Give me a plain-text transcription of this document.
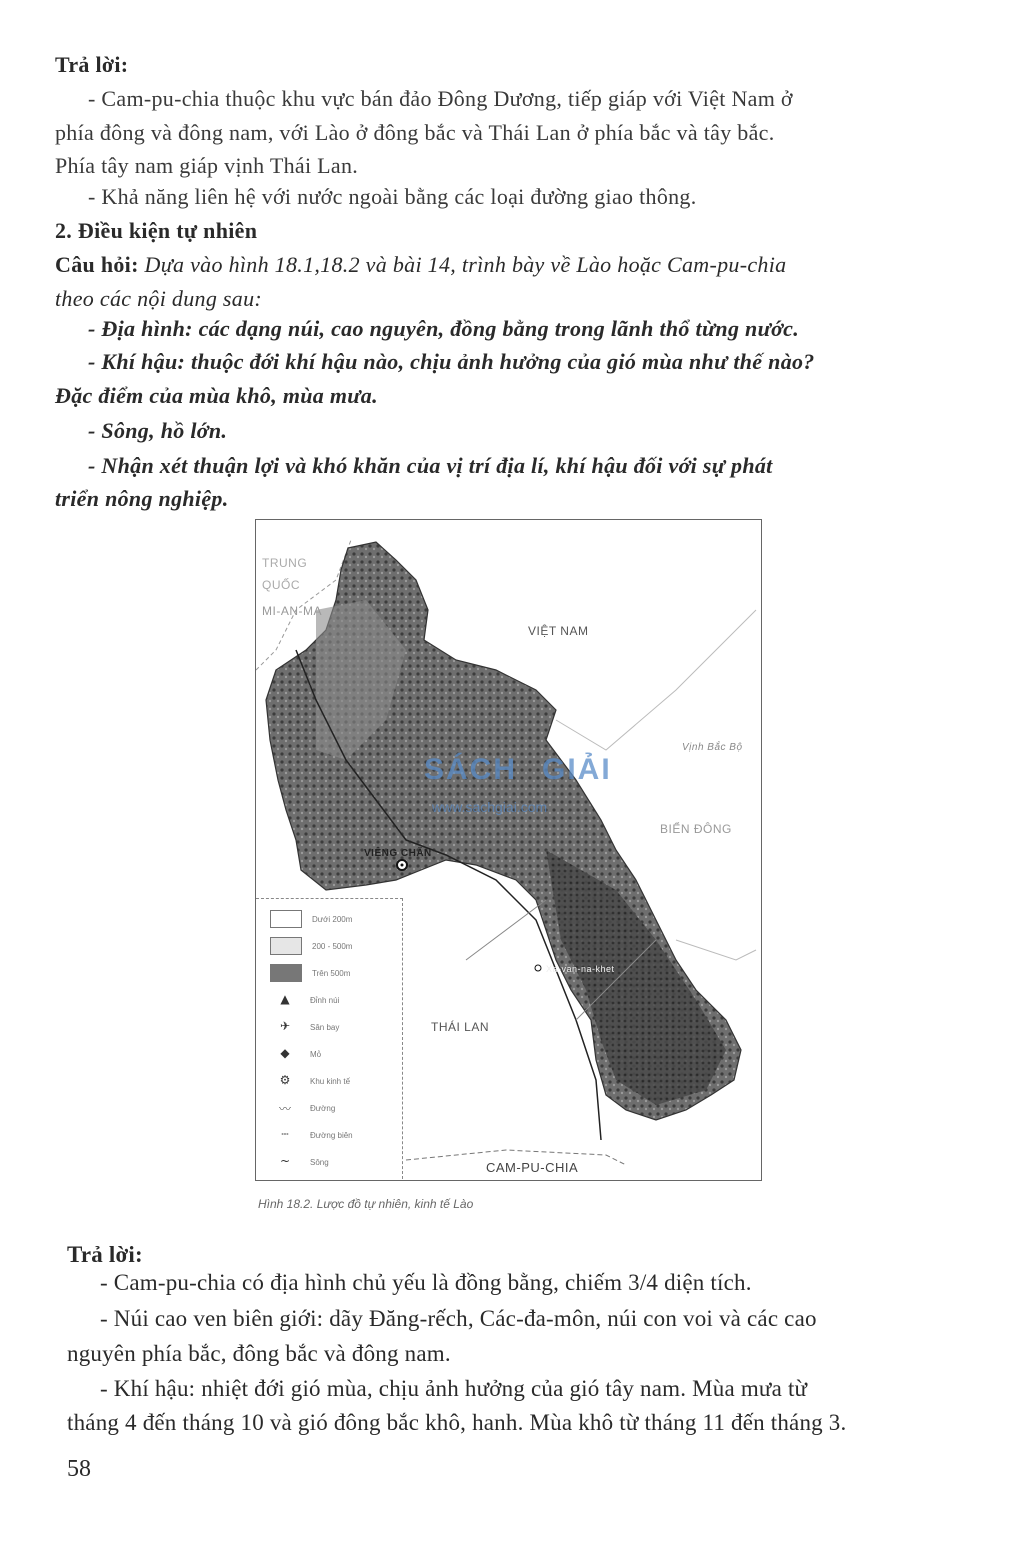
Trả lời:

- Cam-pu-chia thuộc khu vực bán đảo Đông Dương, tiếp giáp với Việt Nam ở

phía đông và đông nam, với Lào ở đông bắc và Thái Lan ở phía bắc và tây bắc.

Phía tây nam giáp vịnh Thái Lan.

- Khả năng liên hệ với nước ngoài bằng các loại đường giao thông.

2. Điều kiện tự nhiên

Câu hỏi: Dựa vào hình 18.1,18.2 và bài 14, trình bày về Lào hoặc Cam-pu-chia

theo các nội dung sau:

- Địa hình: các dạng núi, cao nguyên, đồng bằng trong lãnh thổ từng nước.

- Khí hậu: thuộc đới khí hậu nào, chịu ảnh hưởng của gió mùa như thế nào?

Đặc điểm của mùa khô, mùa mưa.

- Sông, hồ lớn.

- Nhận xét thuận lợi và khó khăn của vị trí địa lí, khí hậu đối với sự phát

triển nông nghiệp.

TRUNG QUỐC
MI-AN-MA
VIỆT NAM
Vịnh Bắc Bộ
BIỂN ĐÔNG
VIÊNG CHĂN
Xa-van-na-khet
THÁI LAN
CAM-PU-CHIA
Dưới 200m
200 - 500m
Trên 500m
▲	Đỉnh núi
✈	Sân bay
◆	Mỏ
⚙	Khu kinh tế
〰	Đường
┄	Đường biên
~	Sông
SÁCH GIẢI
www.sachgiai.com
Hình 18.2. Lược đồ tự nhiên, kinh tế Lào

Trả lời:

- Cam-pu-chia có địa hình chủ yếu là đồng bằng, chiếm 3/4 diện tích.

- Núi cao ven biên giới: dãy Đăng-rếch, Các-đa-môn, núi con voi và các cao

nguyên phía bắc, đông bắc và đông nam.

- Khí hậu: nhiệt đới gió mùa, chịu ảnh hưởng của gió tây nam. Mùa mưa từ

tháng 4 đến tháng 10 và gió đông bắc khô, hanh. Mùa khô từ tháng 11 đến tháng 3.

58
